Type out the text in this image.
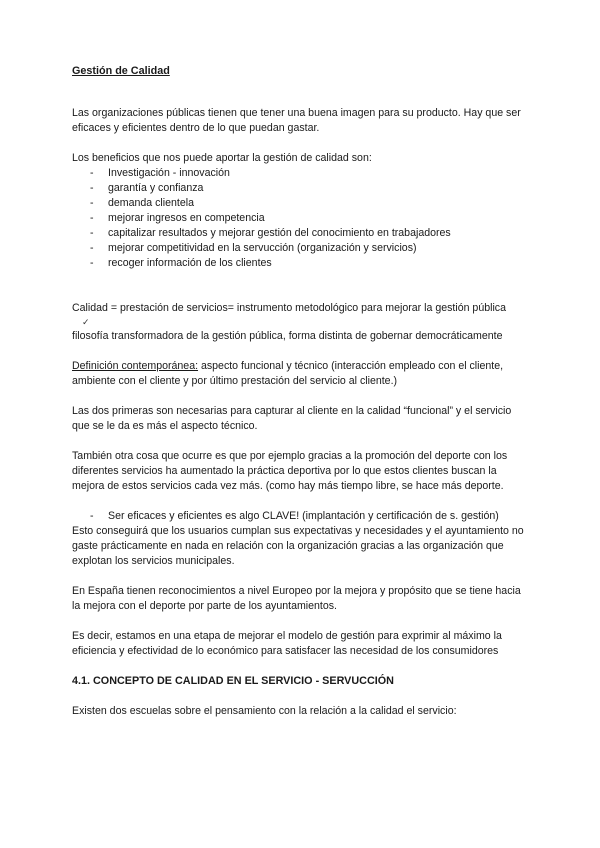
Gestión de Calidad

Las organizaciones públicas tienen que tener una buena imagen para su producto. Hay que ser eficaces y eficientes dentro de lo que puedan gastar.

Los beneficios que nos puede aportar la gestión de calidad son:

- Investigación - innovación
- garantía y confianza
- demanda clientela
- mejorar ingresos en competencia
- capitalizar resultados y mejorar gestión del conocimiento en trabajadores
- mejorar competitividad en la servucción (organización y servicios)
- recoger información de los clientes

Calidad = prestación de servicios= instrumento metodológico para mejorar la gestión pública

✓

filosofía transformadora de la gestión pública, forma distinta de gobernar democráticamente

Definición contemporánea: aspecto funcional y técnico (interacción empleado con el cliente, ambiente con el cliente y por último prestación del servicio al cliente.)

Las dos primeras son necesarias para capturar al cliente en la calidad “funcional” y el servicio que se le da es más el aspecto técnico.

También otra cosa que ocurre es que por ejemplo gracias a la promoción del deporte con los diferentes servicios ha aumentado la práctica deportiva por lo que estos clientes buscan la mejora de estos servicios cada vez más. (como hay más tiempo libre, se hace más deporte.

- Ser eficaces y eficientes es algo CLAVE! (implantación y certificación de s. gestión)

Esto conseguirá que los usuarios cumplan sus expectativas y necesidades y el ayuntamiento no gaste prácticamente en nada en relación con la organización gracias a las organización que explotan los servicios municipales.

En España tienen reconocimientos a nivel Europeo por la mejora y propósito que se tiene hacia la mejora con el deporte por parte de los ayuntamientos.

Es decir, estamos en una etapa de mejorar el modelo de gestión para exprimir al máximo la eficiencia y efectividad de lo económico para satisfacer las necesidad de los consumidores

4.1. CONCEPTO DE CALIDAD EN EL SERVICIO - SERVUCCIÓN

Existen dos escuelas sobre el pensamiento con la relación a la calidad el servicio:
